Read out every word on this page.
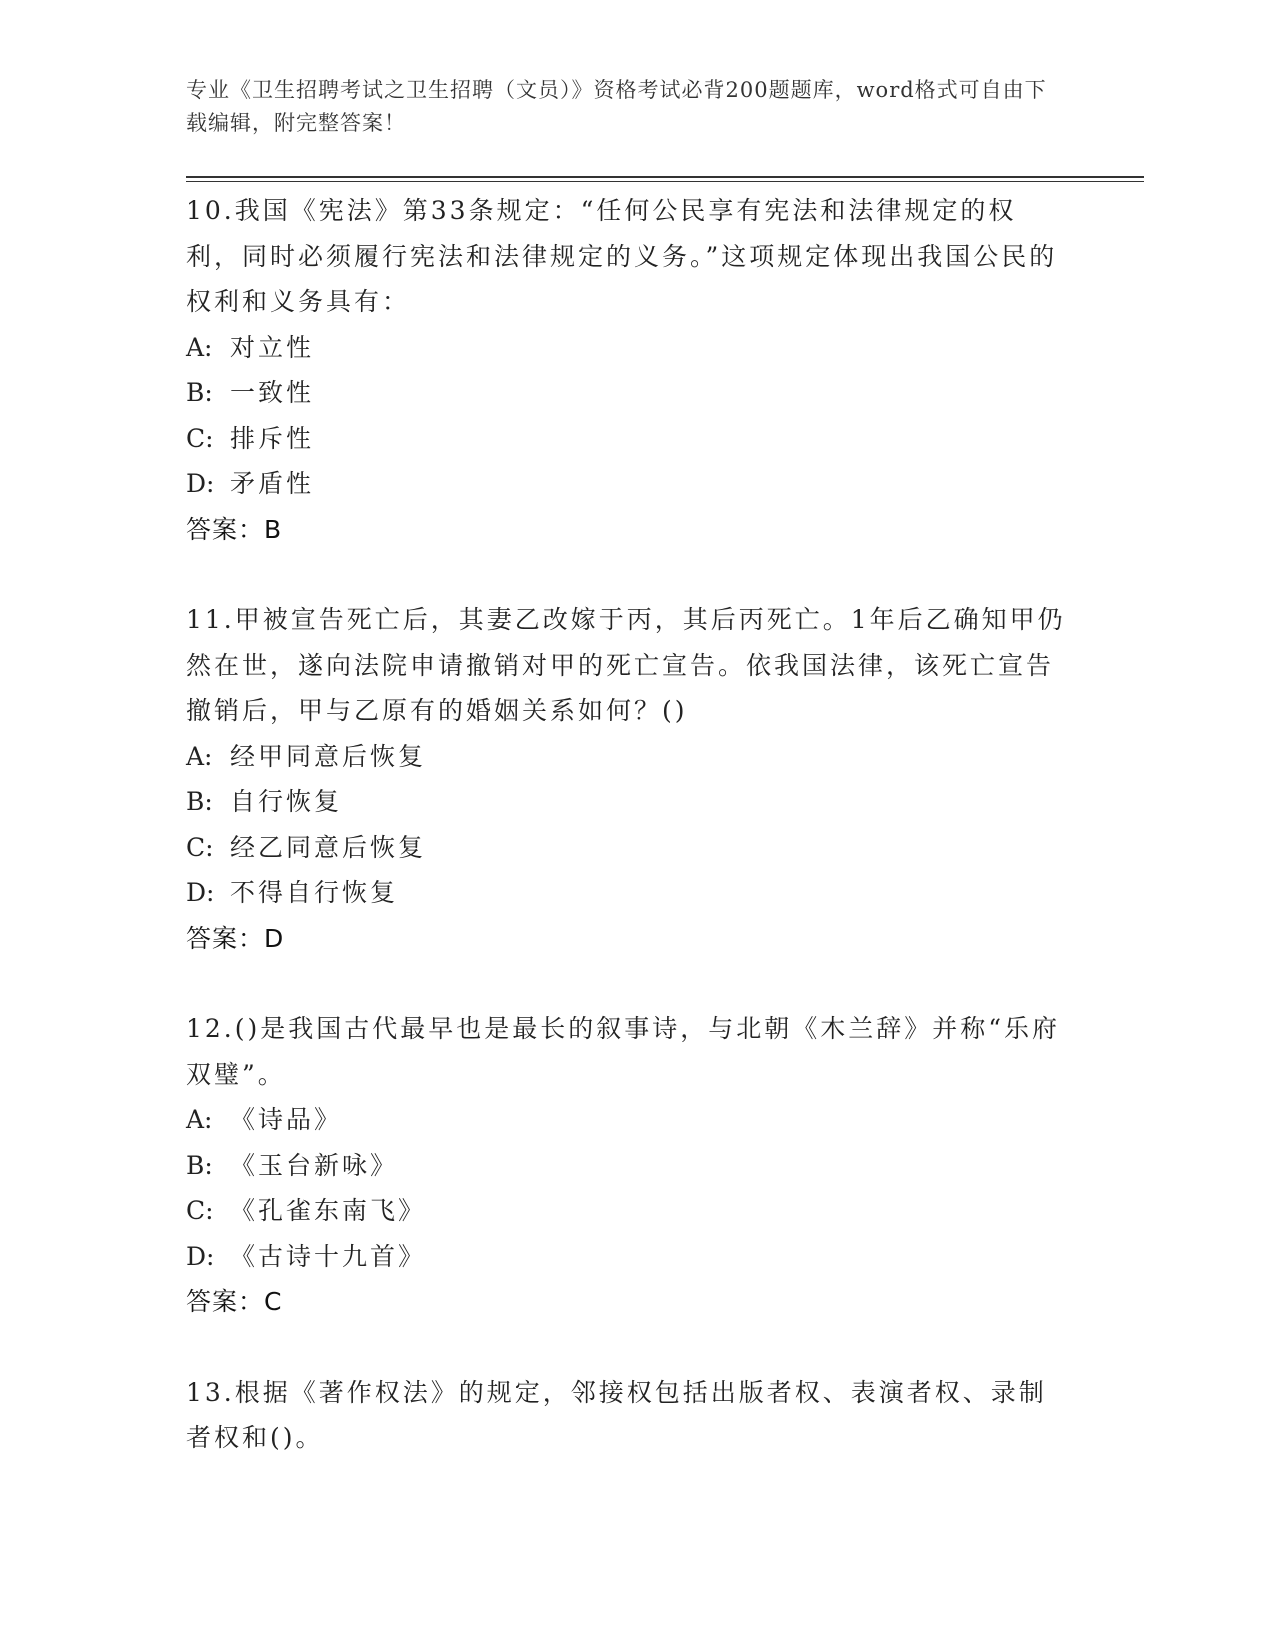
专业《卫生招聘考试之卫生招聘（文员）》资格考试必背200题题库，word格式可自由下载编辑，附完整答案！
10.我国《宪法》第33条规定：“任何公民享有宪法和法律规定的权利，同时必须履行宪法和法律规定的义务。”这项规定体现出我国公民的权利和义务具有：
A: 对立性
B: 一致性
C: 排斥性
D: 矛盾性
答案：B
11.甲被宣告死亡后，其妻乙改嫁于丙，其后丙死亡。1年后乙确知甲仍然在世，遂向法院申请撤销对甲的死亡宣告。依我国法律，该死亡宣告撤销后，甲与乙原有的婚姻关系如何？()
A: 经甲同意后恢复
B: 自行恢复
C: 经乙同意后恢复
D: 不得自行恢复
答案：D
12.()是我国古代最早也是最长的叙事诗，与北朝《木兰辞》并称“乐府双璧”。
A: 《诗品》
B: 《玉台新咏》
C: 《孔雀东南飞》
D: 《古诗十九首》
答案：C
13.根据《著作权法》的规定，邻接权包括出版者权、表演者权、录制者权和()。
